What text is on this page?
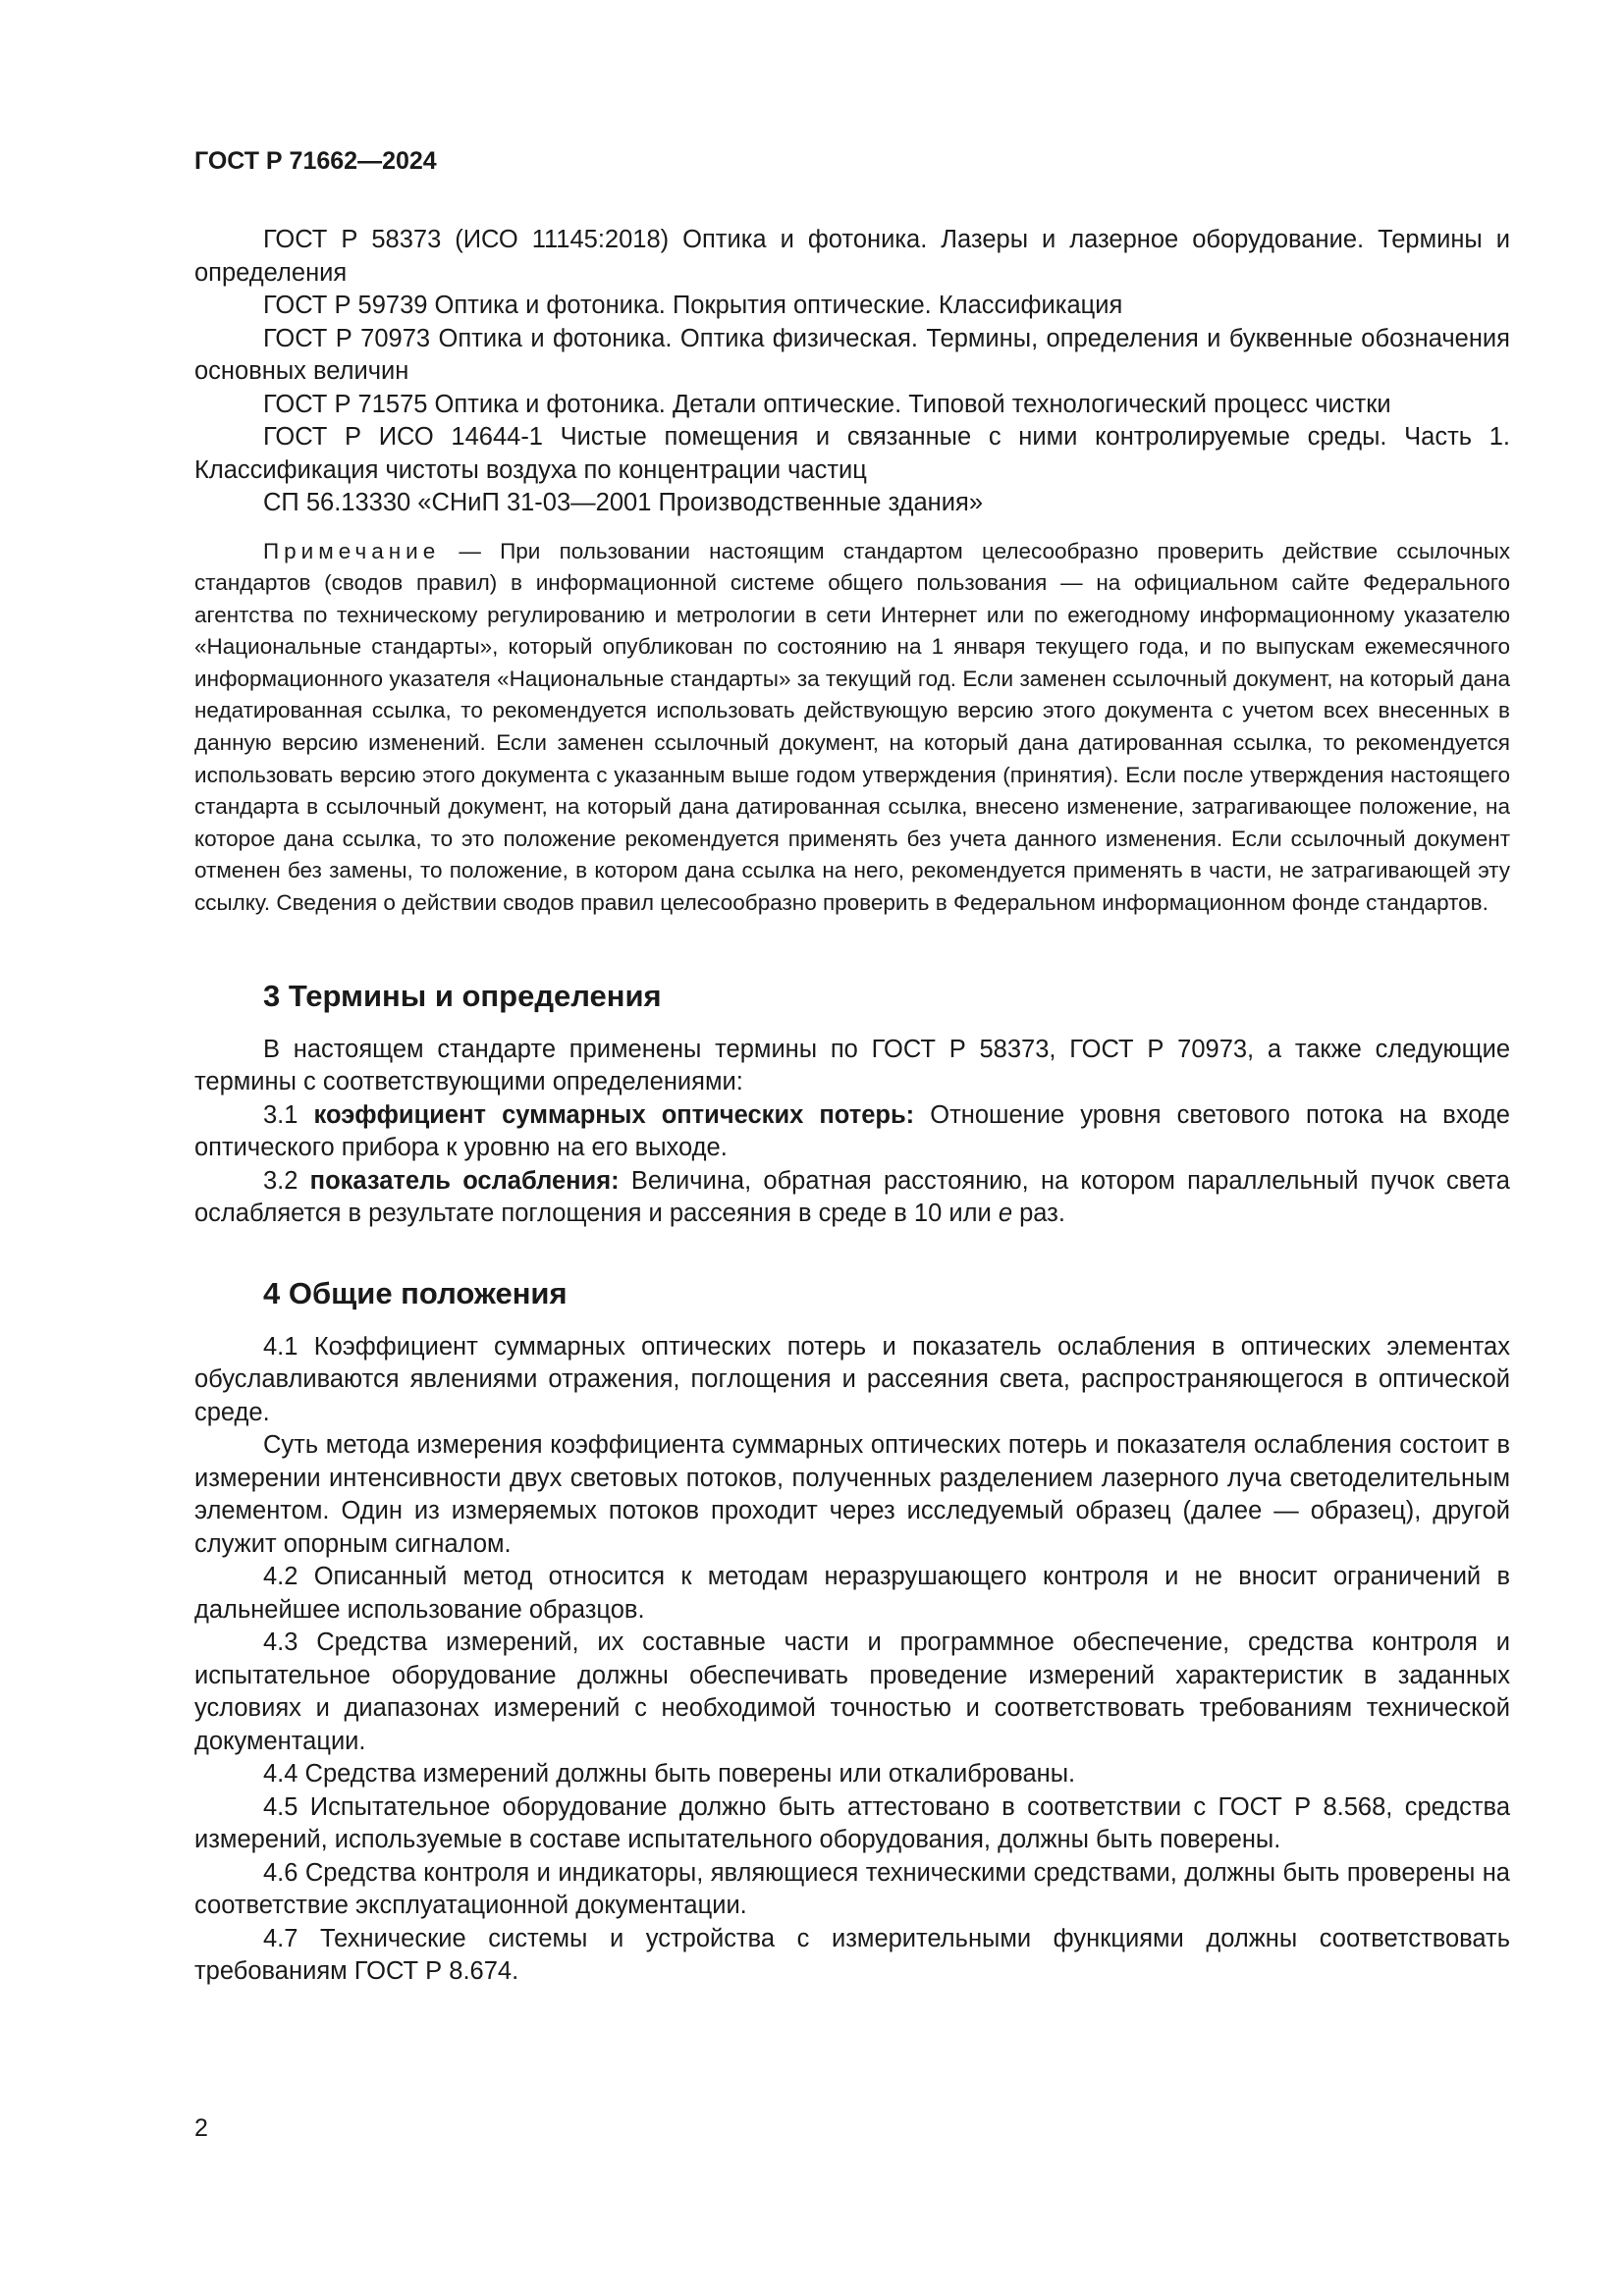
ГОСТ Р 71662—2024

ГОСТ Р 58373 (ИСО 11145:2018) Оптика и фотоника. Лазеры и лазерное оборудование. Термины и определения

ГОСТ Р 59739 Оптика и фотоника. Покрытия оптические. Классификация

ГОСТ Р 70973 Оптика и фотоника. Оптика физическая. Термины, определения и буквенные обозначения основных величин

ГОСТ Р 71575 Оптика и фотоника. Детали оптические. Типовой технологический процесс чистки

ГОСТ Р ИСО 14644-1 Чистые помещения и связанные с ними контролируемые среды. Часть 1. Классификация чистоты воздуха по концентрации частиц

СП 56.13330 «СНиП 31-03—2001 Производственные здания»

Примечание — При пользовании настоящим стандартом целесообразно проверить действие ссылочных стандартов (сводов правил) в информационной системе общего пользования — на официальном сайте Федерального агентства по техническому регулированию и метрологии в сети Интернет или по ежегодному информационному указателю «Национальные стандарты», который опубликован по состоянию на 1 января текущего года, и по выпускам ежемесячного информационного указателя «Национальные стандарты» за текущий год. Если заменен ссылочный документ, на который дана недатированная ссылка, то рекомендуется использовать действующую версию этого документа с учетом всех внесенных в данную версию изменений. Если заменен ссылочный документ, на который дана датированная ссылка, то рекомендуется использовать версию этого документа с указанным выше годом утверждения (принятия). Если после утверждения настоящего стандарта в ссылочный документ, на который дана датированная ссылка, внесено изменение, затрагивающее положение, на которое дана ссылка, то это положение рекомендуется применять без учета данного изменения. Если ссылочный документ отменен без замены, то положение, в котором дана ссылка на него, рекомендуется применять в части, не затрагивающей эту ссылку. Сведения о действии сводов правил целесообразно проверить в Федеральном информационном фонде стандартов.

3 Термины и определения

В настоящем стандарте применены термины по ГОСТ Р 58373, ГОСТ Р 70973, а также следующие термины с соответствующими определениями:

3.1 коэффициент суммарных оптических потерь: Отношение уровня светового потока на входе оптического прибора к уровню на его выходе.

3.2 показатель ослабления: Величина, обратная расстоянию, на котором параллельный пучок света ослабляется в результате поглощения и рассеяния в среде в 10 или e раз.

4 Общие положения

4.1 Коэффициент суммарных оптических потерь и показатель ослабления в оптических элементах обуславливаются явлениями отражения, поглощения и рассеяния света, распространяющегося в оптической среде.

Суть метода измерения коэффициента суммарных оптических потерь и показателя ослабления состоит в измерении интенсивности двух световых потоков, полученных разделением лазерного луча светоделительным элементом. Один из измеряемых потоков проходит через исследуемый образец (далее — образец), другой служит опорным сигналом.

4.2 Описанный метод относится к методам неразрушающего контроля и не вносит ограничений в дальнейшее использование образцов.

4.3 Средства измерений, их составные части и программное обеспечение, средства контроля и испытательное оборудование должны обеспечивать проведение измерений характеристик в заданных условиях и диапазонах измерений с необходимой точностью и соответствовать требованиям технической документации.

4.4 Средства измерений должны быть поверены или откалиброваны.

4.5 Испытательное оборудование должно быть аттестовано в соответствии с ГОСТ Р 8.568, средства измерений, используемые в составе испытательного оборудования, должны быть поверены.

4.6 Средства контроля и индикаторы, являющиеся техническими средствами, должны быть проверены на соответствие эксплуатационной документации.

4.7 Технические системы и устройства с измерительными функциями должны соответствовать требованиям ГОСТ Р 8.674.

2
